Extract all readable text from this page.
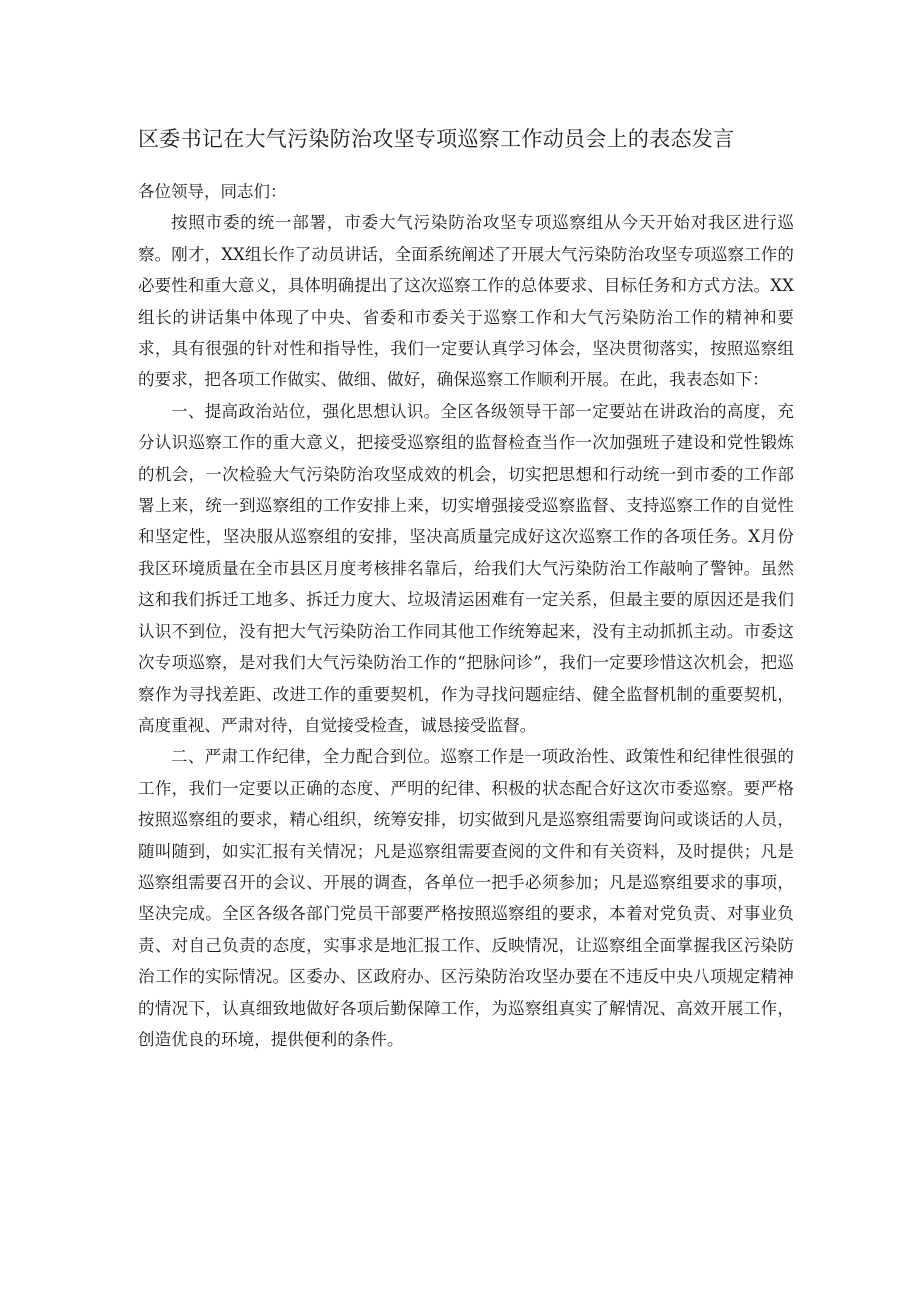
区委书记在大气污染防治攻坚专项巡察工作动员会上的表态发言

各位领导，同志们：

按照市委的统一部署，市委大气污染防治攻坚专项巡察组从今天开始对我区进行巡察。刚才，XX组长作了动员讲话，全面系统阐述了开展大气污染防治攻坚专项巡察工作的必要性和重大意义，具体明确提出了这次巡察工作的总体要求、目标任务和方式方法。XX组长的讲话集中体现了中央、省委和市委关于巡察工作和大气污染防治工作的精神和要求，具有很强的针对性和指导性，我们一定要认真学习体会，坚决贯彻落实，按照巡察组的要求，把各项工作做实、做细、做好，确保巡察工作顺利开展。在此，我表态如下：

一、提高政治站位，强化思想认识。全区各级领导干部一定要站在讲政治的高度，充分认识巡察工作的重大意义，把接受巡察组的监督检查当作一次加强班子建设和党性锻炼的机会，一次检验大气污染防治攻坚成效的机会，切实把思想和行动统一到市委的工作部署上来，统一到巡察组的工作安排上来，切实增强接受巡察监督、支持巡察工作的自觉性和坚定性，坚决服从巡察组的安排，坚决高质量完成好这次巡察工作的各项任务。X月份我区环境质量在全市县区月度考核排名靠后，给我们大气污染防治工作敲响了警钟。虽然这和我们拆迁工地多、拆迁力度大、垃圾清运困难有一定关系，但最主要的原因还是我们认识不到位，没有把大气污染防治工作同其他工作统筹起来，没有主动抓抓主动。市委这次专项巡察，是对我们大气污染防治工作的“把脉问诊”，我们一定要珍惜这次机会，把巡察作为寻找差距、改进工作的重要契机，作为寻找问题症结、健全监督机制的重要契机，高度重视、严肃对待，自觉接受检查，诚恳接受监督。

二、严肃工作纪律，全力配合到位。巡察工作是一项政治性、政策性和纪律性很强的工作，我们一定要以正确的态度、严明的纪律、积极的状态配合好这次市委巡察。要严格按照巡察组的要求，精心组织，统筹安排，切实做到凡是巡察组需要询问或谈话的人员，随叫随到，如实汇报有关情况；凡是巡察组需要查阅的文件和有关资料，及时提供；凡是巡察组需要召开的会议、开展的调查，各单位一把手必须参加；凡是巡察组要求的事项，坚决完成。全区各级各部门党员干部要严格按照巡察组的要求，本着对党负责、对事业负责、对自己负责的态度，实事求是地汇报工作、反映情况，让巡察组全面掌握我区污染防治工作的实际情况。区委办、区政府办、区污染防治攻坚办要在不违反中央八项规定精神的情况下，认真细致地做好各项后勤保障工作，为巡察组真实了解情况、高效开展工作，创造优良的环境，提供便利的条件。
